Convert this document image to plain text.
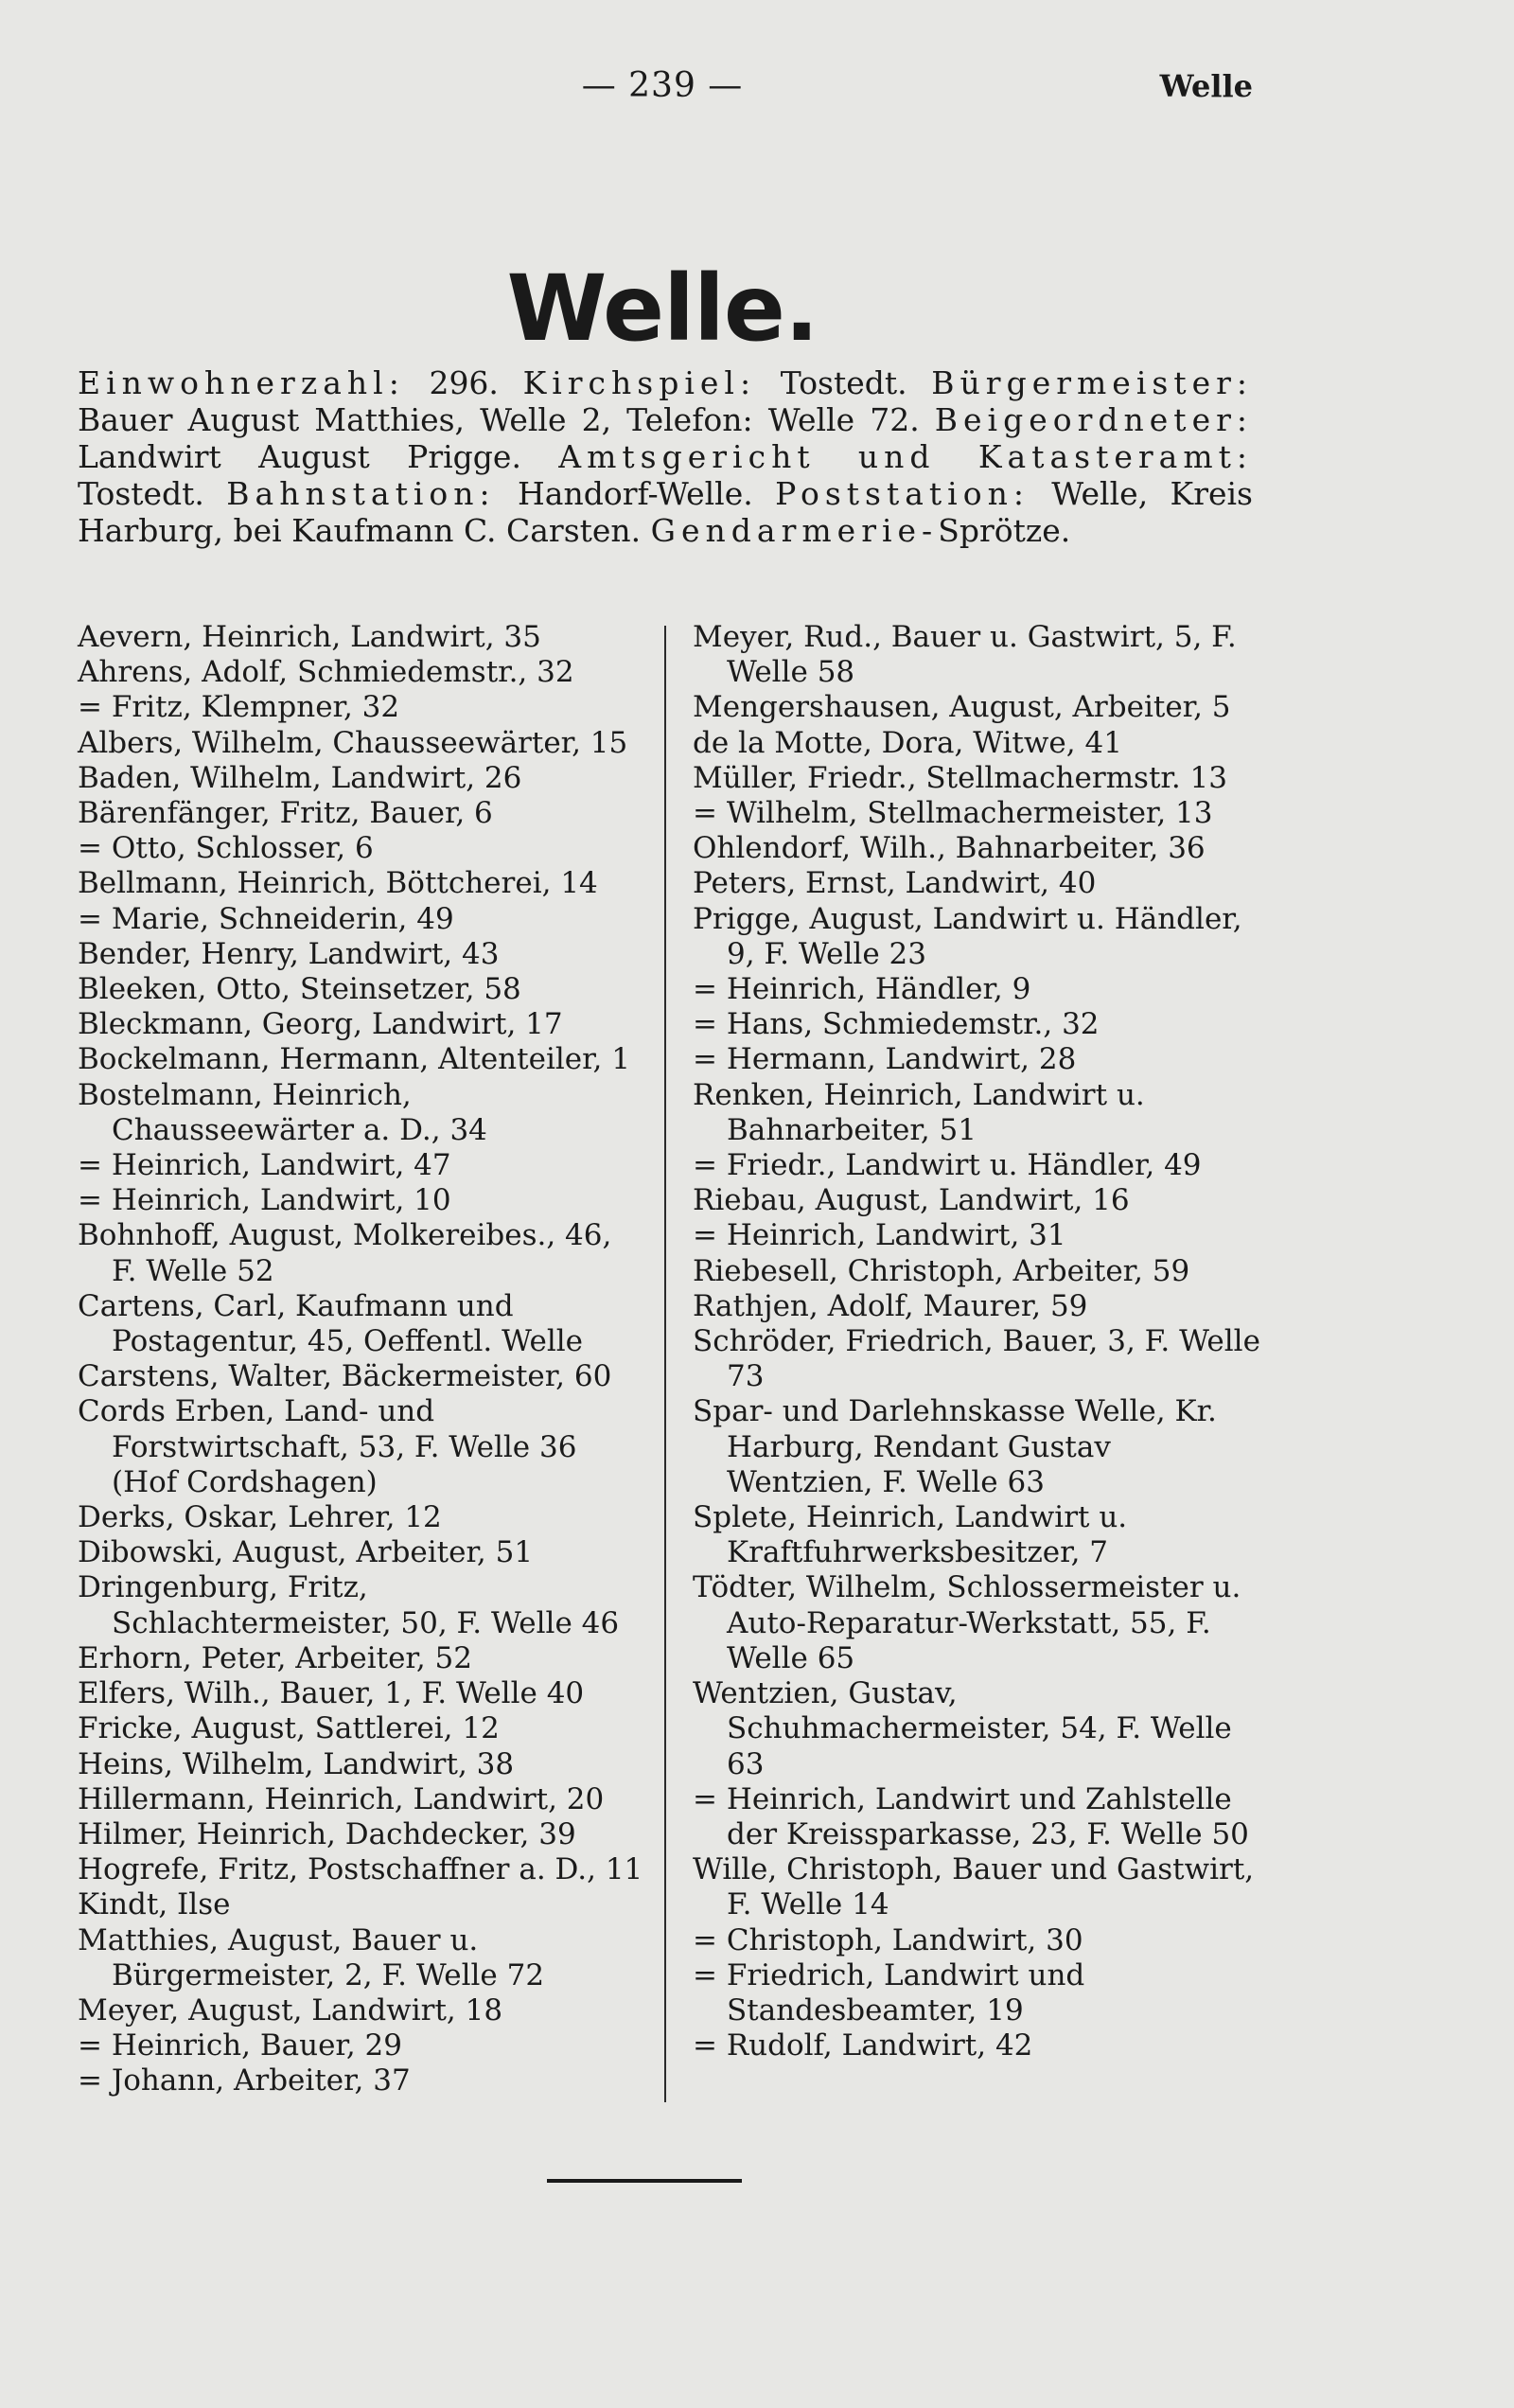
— 239 —	Welle
Welle.
Einwohnerzahl: 296. Kirchspiel: Tostedt. Bürgermeister: Bauer August Matthies, Welle 2, Telefon: Welle 72. Beigeordneter: Landwirt August Prigge. Amtsgericht und Katasteramt: Tostedt. Bahnstation: Handorf-Welle. Poststation: Welle, Kreis Harburg, bei Kaufmann C. Carsten. Gendarmerie-Sprötze.
Aevern, Heinrich, Landwirt, 35
Ahrens, Adolf, Schmiedemstr., 32
= Fritz, Klempner, 32
Albers, Wilhelm, Chausseewärter, 15
Baden, Wilhelm, Landwirt, 26
Bärenfänger, Fritz, Bauer, 6
= Otto, Schlosser, 6
Bellmann, Heinrich, Böttcherei, 14
= Marie, Schneiderin, 49
Bender, Henry, Landwirt, 43
Bleeken, Otto, Steinsetzer, 58
Bleckmann, Georg, Landwirt, 17
Bockelmann, Hermann, Altenteiler, 1
Bostelmann, Heinrich, Chausseewärter a. D., 34
= Heinrich, Landwirt, 47
= Heinrich, Landwirt, 10
Bohnhoff, August, Molkereibes., 46, F. Welle 52
Cartens, Carl, Kaufmann und Postagentur, 45, Oeffentl. Welle
Carstens, Walter, Bäckermeister, 60
Cords Erben, Land- und Forstwirtschaft, 53, F. Welle 36 (Hof Cordshagen)
Derks, Oskar, Lehrer, 12
Dibowski, August, Arbeiter, 51
Dringenburg, Fritz, Schlachtermeister, 50, F. Welle 46
Erhorn, Peter, Arbeiter, 52
Elfers, Wilh., Bauer, 1, F. Welle 40
Fricke, August, Sattlerei, 12
Heins, Wilhelm, Landwirt, 38
Hillermann, Heinrich, Landwirt, 20
Hilmer, Heinrich, Dachdecker, 39
Hogrefe, Fritz, Postschaffner a. D., 11
Kindt, Ilse
Matthies, August, Bauer u. Bürgermeister, 2, F. Welle 72
Meyer, August, Landwirt, 18
= Heinrich, Bauer, 29
= Johann, Arbeiter, 37
Meyer, Rud., Bauer u. Gastwirt, 5, F. Welle 58
Mengershausen, August, Arbeiter, 5
de la Motte, Dora, Witwe, 41
Müller, Friedr., Stellmachermstr. 13
= Wilhelm, Stellmachermeister, 13
Ohlendorf, Wilh., Bahnarbeiter, 36
Peters, Ernst, Landwirt, 40
Prigge, August, Landwirt u. Händler, 9, F. Welle 23
= Heinrich, Händler, 9
= Hans, Schmiedemstr., 32
= Hermann, Landwirt, 28
Renken, Heinrich, Landwirt u. Bahnarbeiter, 51
= Friedr., Landwirt u. Händler, 49
Riebau, August, Landwirt, 16
= Heinrich, Landwirt, 31
Riebesell, Christoph, Arbeiter, 59
Rathjen, Adolf, Maurer, 59
Schröder, Friedrich, Bauer, 3, F. Welle 73
Spar- und Darlehnskasse Welle, Kr. Harburg, Rendant Gustav Wentzien, F. Welle 63
Splete, Heinrich, Landwirt u. Kraftfuhrwerksbesitzer, 7
Tödter, Wilhelm, Schlossermeister u. Auto-Reparatur-Werkstatt, 55, F. Welle 65
Wentzien, Gustav, Schuhmachermeister, 54, F. Welle 63
= Heinrich, Landwirt und Zahlstelle der Kreissparkasse, 23, F. Welle 50
Wille, Christoph, Bauer und Gastwirt, F. Welle 14
= Christoph, Landwirt, 30
= Friedrich, Landwirt und Standesbeamter, 19
= Rudolf, Landwirt, 42
